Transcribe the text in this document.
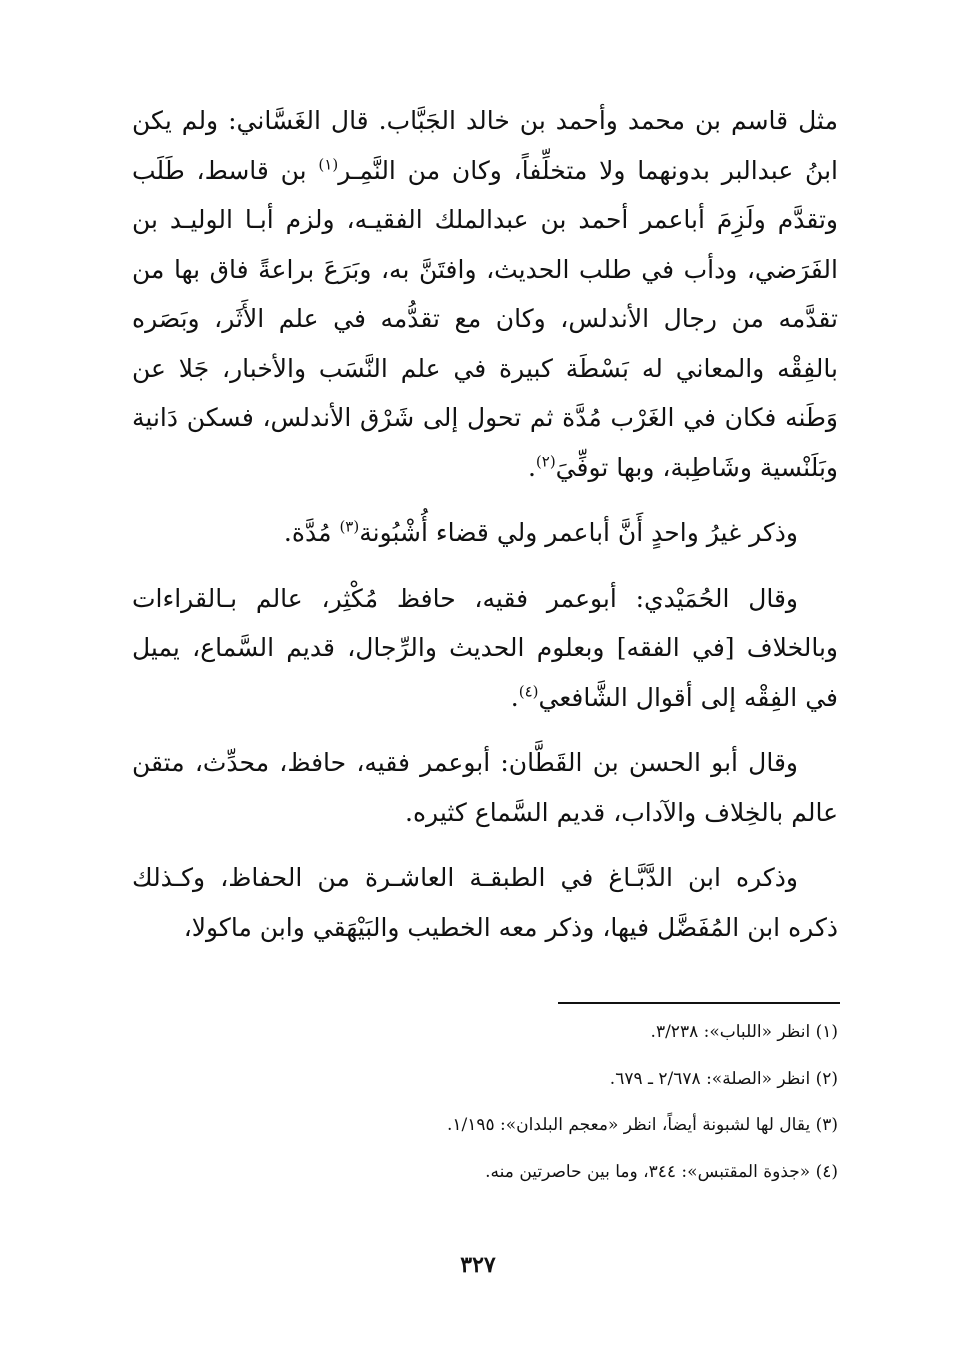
مثل قاسم بن محمد وأحمد بن خالد الجَبَّاب. قال الغَسَّاني: ولم يكن ابنُ عبدالبر بدونهما ولا متخلِّفاً، وكان من النَّمِـر$^{(١)}$ بن قاسط، طَلَب وتقدَّم ولَزِمَ أباعمر أحمد بن عبدالملك الفقيـه، ولزم أبـا الوليـد بن الفَرَضي، ودأب في طلب الحديث، وافتَنَّ به، وبَرَعَ براعةً فاق بها من تقدَّمه من رجال الأندلس، وكان مع تقدُّمه في علم الأَثَر، وبَصَره بالفِقْه والمعاني له بَسْطَة كبيرة في علم النَّسَب والأخبار، جَلا عن وَطَنه فكان في الغَرْب مُدَّة ثم تحول إلى شَرْق الأندلس، فسكن دَانية وبَلَنْسية وشَاطِبة، وبها توفِّيَ$^{(٢)}$.

وذكر غيرُ واحدٍ أَنَّ أباعمر ولي قضاء أُشْبُونة$^{(٣)}$ مُدَّة.

وقال الحُمَيْدي: أبوعمر فقيه، حافظ مُكْثِر، عالم بـالقراءات وبالخلاف [في الفقه] وبعلوم الحديث والرِّجال، قديم السَّماع، يميل في الفِقْه إلى أقوال الشَّافعي$^{(٤)}$.

وقال أبو الحسن بن القَطَّان: أبوعمر فقيه، حافظ، محدِّث، متقن عالم بالخِلاف والآداب، قديم السَّماع كثيره.

وذكره ابن الدَّبَّـاغ في الطبقـة العاشـرة من الحفاظ، وكـذلك ذكره ابن المُفَضَّل فيها، وذكر معه الخطيب والبَيْهَقي وابن ماكولا،

(١) انظر «اللباب»: ٣/٢٣٨.
(٢) انظر «الصلة»: ٢/٦٧٨ ـ ٦٧٩.
(٣) يقال لها لشبونة أيضاً، انظر «معجم البلدان»: ١/١٩٥.
(٤) «جذوة المقتبس»: ٣٤٤، وما بين حاصرتين منه.
٣٢٧
